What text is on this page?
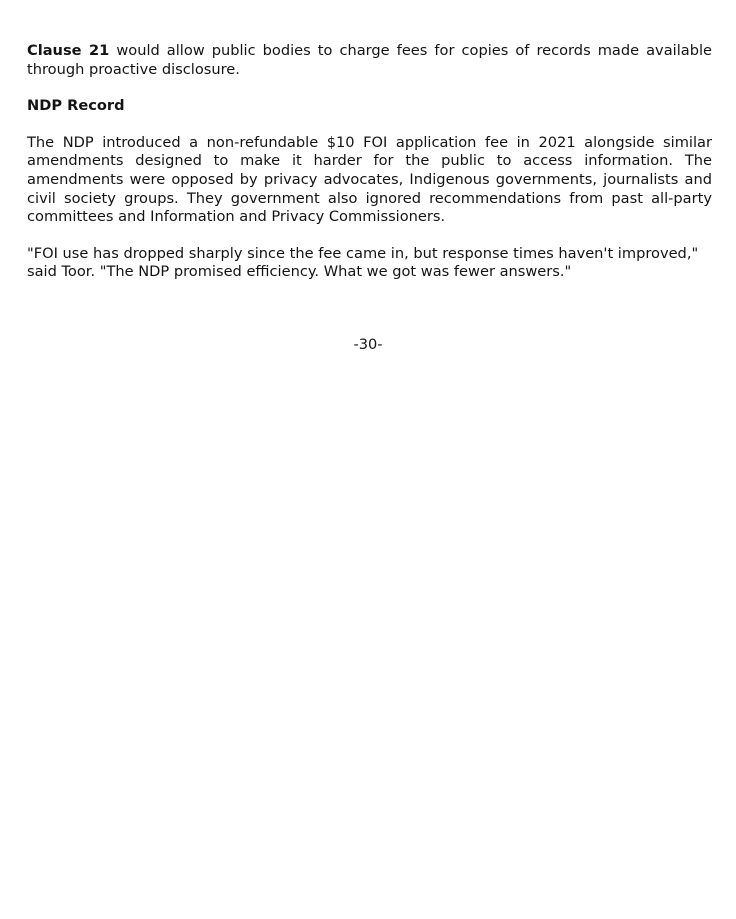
Clause 21 would allow public bodies to charge fees for copies of records made available through proactive disclosure.

NDP Record

The NDP introduced a non-refundable $10 FOI application fee in 2021 alongside similar amendments designed to make it harder for the public to access information. The amendments were opposed by privacy advocates, Indigenous governments, journalists and civil society groups. They government also ignored recommendations from past all-party committees and Information and Privacy Commissioners.

"FOI use has dropped sharply since the fee came in, but response times haven't improved," said Toor. "The NDP promised efficiency. What we got was fewer answers."

-30-
